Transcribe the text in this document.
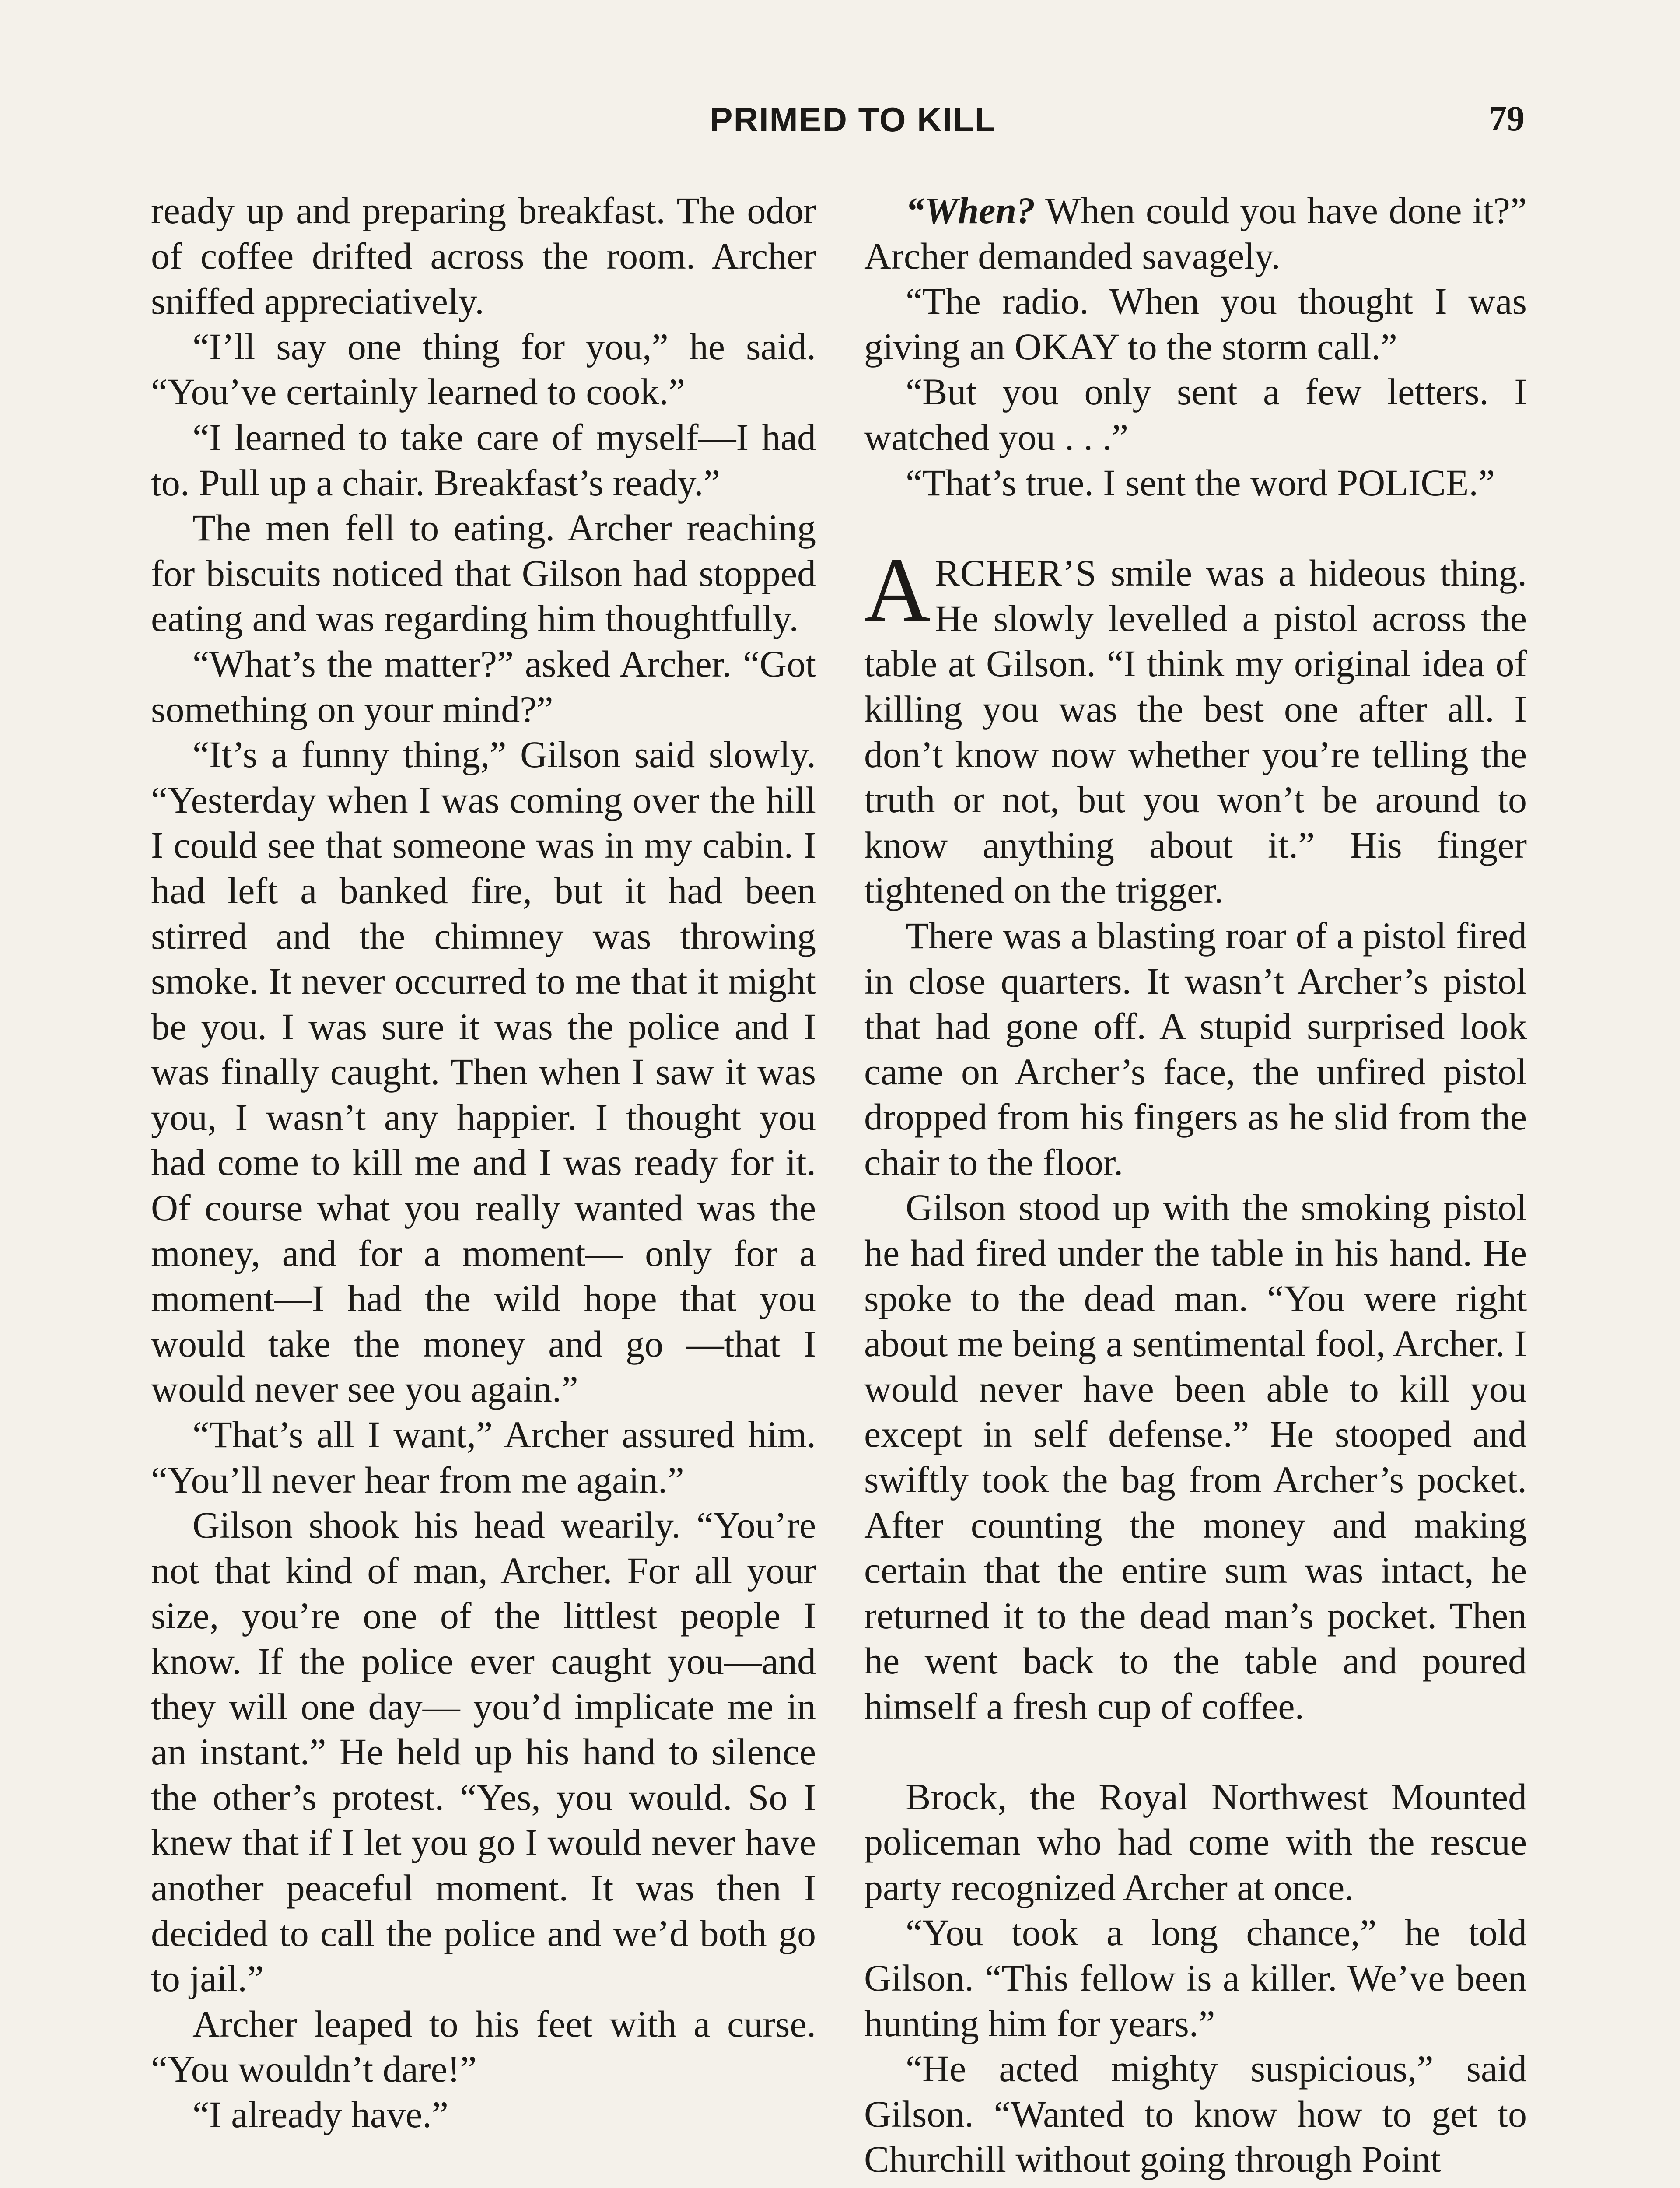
PRIMED TO KILL	79

ready up and preparing breakfast. The odor of coffee drifted across the room. Archer sniffed appreciatively.

“I’ll say one thing for you,” he said. “You’ve certainly learned to cook.”

“I learned to take care of myself—I had to. Pull up a chair. Breakfast’s ready.”

The men fell to eating. Archer reaching for biscuits noticed that Gilson had stopped eating and was regarding him thoughtfully.

“What’s the matter?” asked Archer. “Got something on your mind?”

“It’s a funny thing,” Gilson said slowly. “Yesterday when I was coming over the hill I could see that someone was in my cabin. I had left a banked fire, but it had been stirred and the chimney was throwing smoke. It never occurred to me that it might be you. I was sure it was the police and I was finally caught. Then when I saw it was you, I wasn’t any happier. I thought you had come to kill me and I was ready for it. Of course what you really wanted was the money, and for a moment— only for a moment—I had the wild hope that you would take the money and go —that I would never see you again.”

“That’s all I want,” Archer assured him. “You’ll never hear from me again.”

Gilson shook his head wearily. “You’re not that kind of man, Archer. For all your size, you’re one of the littlest people I know. If the police ever caught you—and they will one day— you’d implicate me in an instant.” He held up his hand to silence the other’s protest. “Yes, you would. So I knew that if I let you go I would never have another peaceful moment. It was then I decided to call the police and we’d both go to jail.”

Archer leaped to his feet with a curse. “You wouldn’t dare!”

“I already have.”

“When? When could you have done it?” Archer demanded savagely.

“The radio. When you thought I was giving an OKAY to the storm call.”

“But you only sent a few letters. I watched you . . .”

“That’s true. I sent the word POLICE.”

ARCHER’S smile was a hideous thing. He slowly levelled a pistol across the table at Gilson. “I think my original idea of killing you was the best one after all. I don’t know now whether you’re telling the truth or not, but you won’t be around to know anything about it.” His finger tightened on the trigger.

There was a blasting roar of a pistol fired in close quarters. It wasn’t Archer’s pistol that had gone off. A stupid surprised look came on Archer’s face, the unfired pistol dropped from his fingers as he slid from the chair to the floor.

Gilson stood up with the smoking pistol he had fired under the table in his hand. He spoke to the dead man. “You were right about me being a sentimental fool, Archer. I would never have been able to kill you except in self defense.” He stooped and swiftly took the bag from Archer’s pocket. After counting the money and making certain that the entire sum was intact, he returned it to the dead man’s pocket. Then he went back to the table and poured himself a fresh cup of coffee.

Brock, the Royal Northwest Mounted policeman who had come with the rescue party recognized Archer at once.

“You took a long chance,” he told Gilson. “This fellow is a killer. We’ve been hunting him for years.”

“He acted mighty suspicious,” said Gilson. “Wanted to know how to get to Churchill without going through Point
